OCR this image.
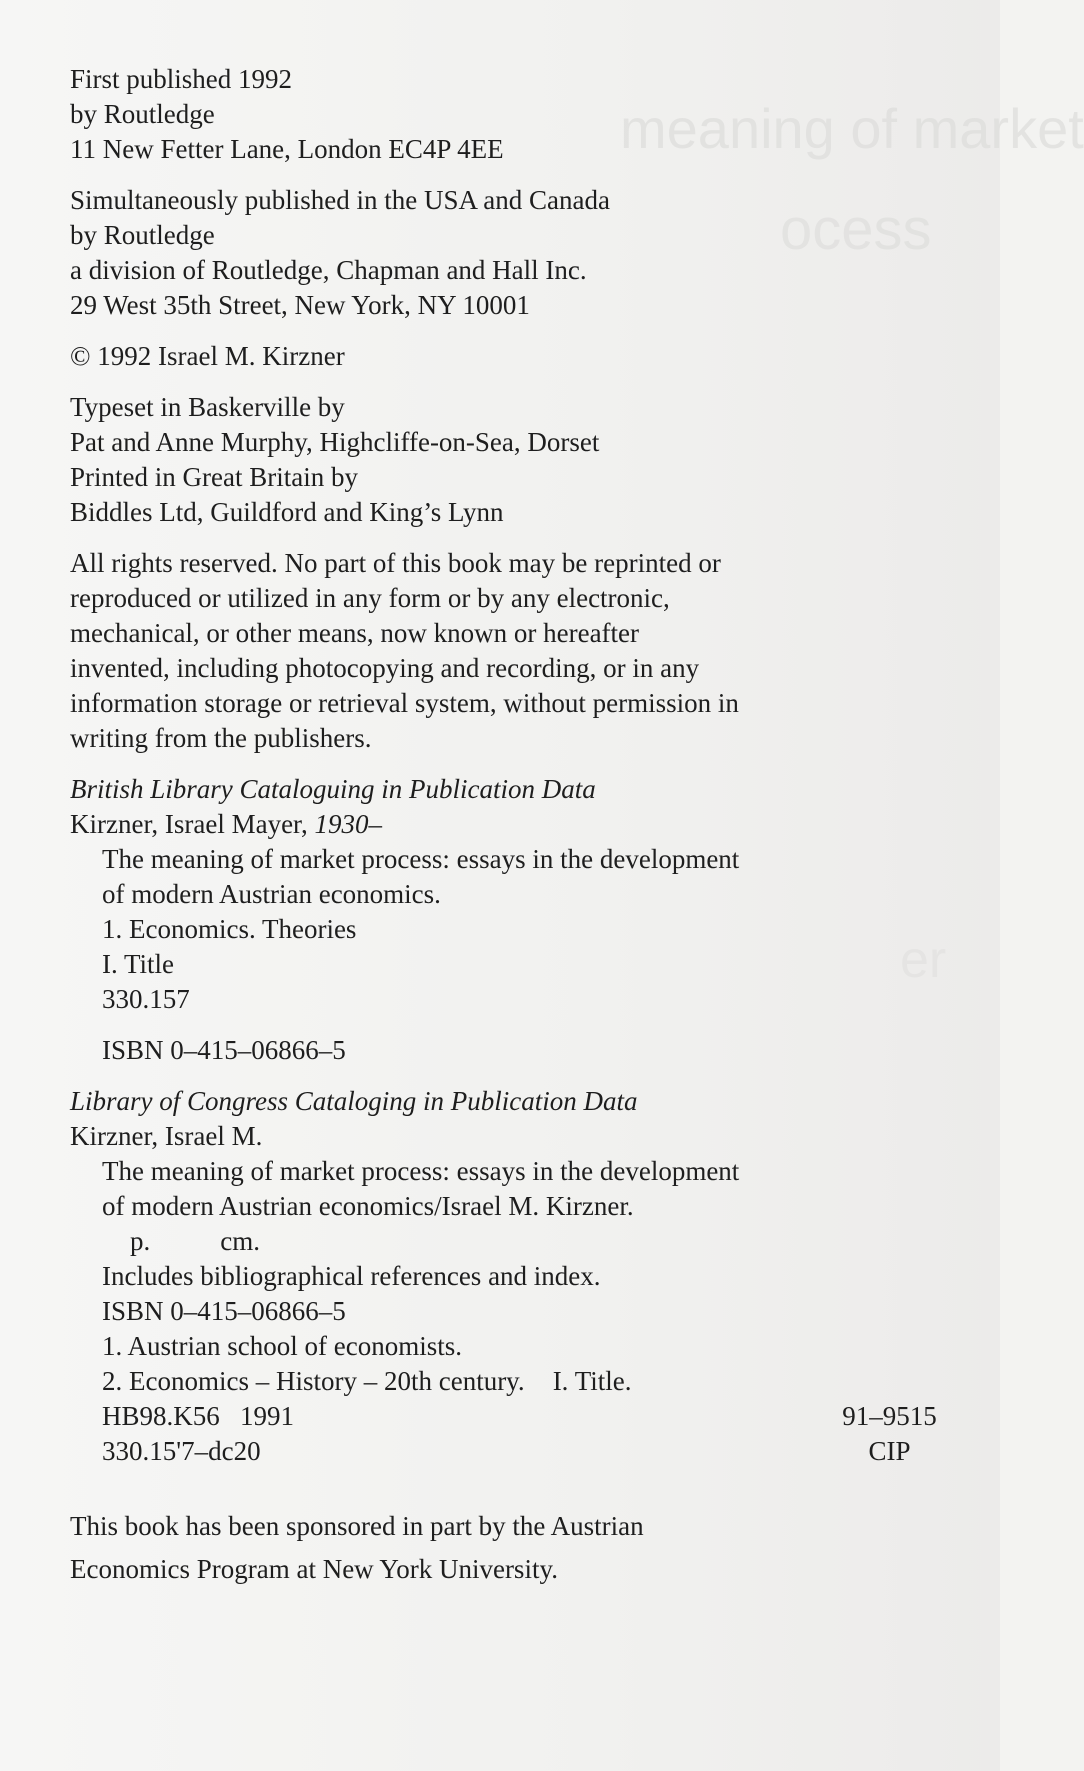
meaning of market
ocess
er
First published 1992
by Routledge
11 New Fetter Lane, London EC4P 4EE
Simultaneously published in the USA and Canada
by Routledge
a division of Routledge, Chapman and Hall Inc.
29 West 35th Street, New York, NY 10001
© 1992 Israel M. Kirzner
Typeset in Baskerville by
Pat and Anne Murphy, Highcliffe-on-Sea, Dorset
Printed in Great Britain by
Biddles Ltd, Guildford and King’s Lynn
All rights reserved. No part of this book may be reprinted or
reproduced or utilized in any form or by any electronic,
mechanical, or other means, now known or hereafter
invented, including photocopying and recording, or in any
information storage or retrieval system, without permission in
writing from the publishers.
British Library Cataloguing in Publication Data
Kirzner, Israel Mayer, 1930–
The meaning of market process: essays in the development
of modern Austrian economics.
1. Economics. Theories
I. Title
330.157
ISBN 0–415–06866–5
Library of Congress Cataloging in Publication Data
Kirzner, Israel M.
The meaning of market process: essays in the development
of modern Austrian economics/Israel M. Kirzner.
p.	cm.
Includes bibliographical references and index.
ISBN 0–415–06866–5
1. Austrian school of economists.
2. Economics – History – 20th century. I. Title.
HB98.K56   1991	91–9515
330.15'7–dc20	CIP
This book has been sponsored in part by the Austrian
Economics Program at New York University.
